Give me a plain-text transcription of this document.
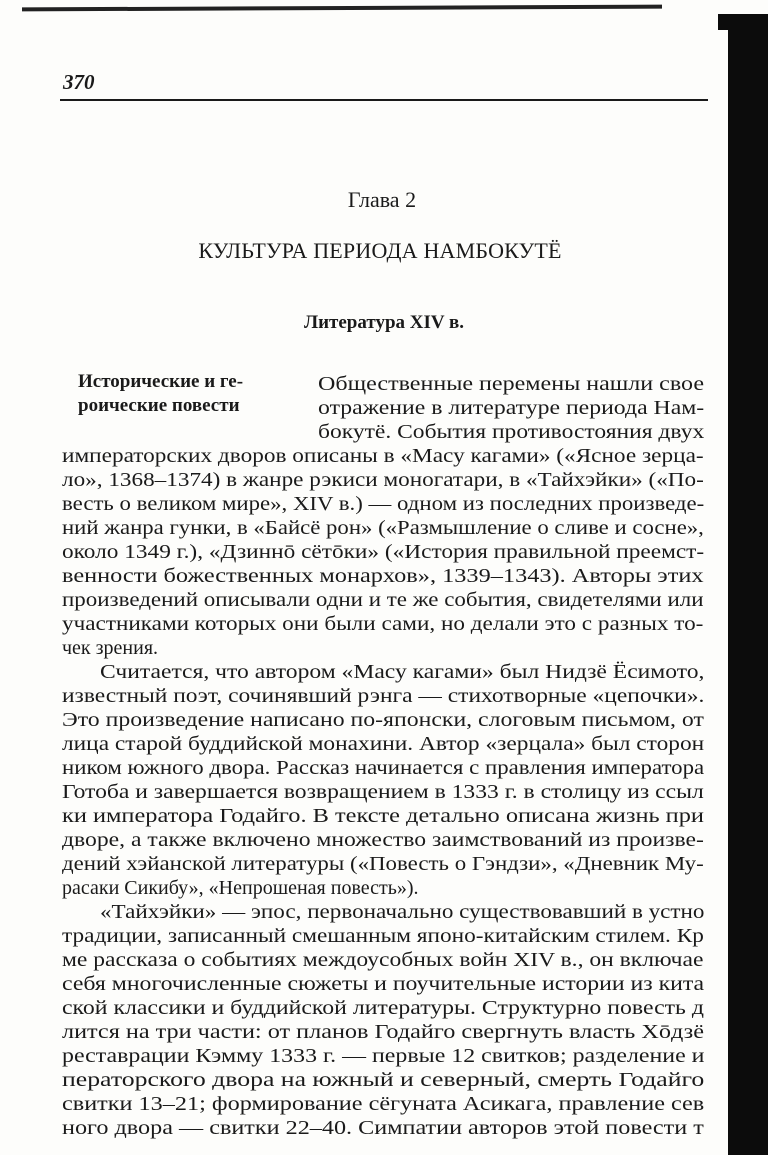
370
Глава 2
КУЛЬТУРА ПЕРИОДА НАМБОКУТЁ
Литература XIV в.
Исторические и ге-
роические повести
Общественные перемены нашли свое
отражение в литературе периода Нам-
бокутё. События противостояния двух
императорских дворов описаны в «Масу кагами» («Ясное зерца-
ло», 1368–1374) в жанре рэкиси моногатари, в «Тайхэйки» («По-
весть о великом мире», XIV в.) — одном из последних произведе-
ний жанра гунки, в «Байсё рон» («Размышление о сливе и сосне»,
около 1349 г.), «Дзиннō сётōки» («История правильной преемст-
венности божественных монархов», 1339–1343). Авторы этих
произведений описывали одни и те же события, свидетелями или
участниками которых они были сами, но делали это с разных то-
чек зрения.
Считается, что автором «Масу кагами» был Нидзё Ёсимото,
известный поэт, сочинявший рэнга — стихотворные «цепочки».
Это произведение написано по-японски, слоговым письмом, от
лица старой буддийской монахини. Автор «зерцала» был сторон
ником южного двора. Рассказ начинается с правления императора
Готоба и завершается возвращением в 1333 г. в столицу из ссыл
ки императора Годайго. В тексте детально описана жизнь при
дворе, а также включено множество заимствований из произве-
дений хэйанской литературы («Повесть о Гэндзи», «Дневник Му-
расаки Сикибу», «Непрошеная повесть»).
«Тайхэйки» — эпос, первоначально существовавший в устно
традиции, записанный смешанным японо-китайским стилем. Кр
ме рассказа о событиях междоусобных войн XIV в., он включае
себя многочисленные сюжеты и поучительные истории из кита
ской классики и буддийской литературы. Структурно повесть д
лится на три части: от планов Годайго свергнуть власть Хōдзё
реставрации Кэмму 1333 г. — первые 12 свитков; разделение и
ператорского двора на южный и северный, смерть Годайго
свитки 13–21; формирование сёгуната Асикага, правление сев
ного двора — свитки 22–40. Симпатии авторов этой повести т
